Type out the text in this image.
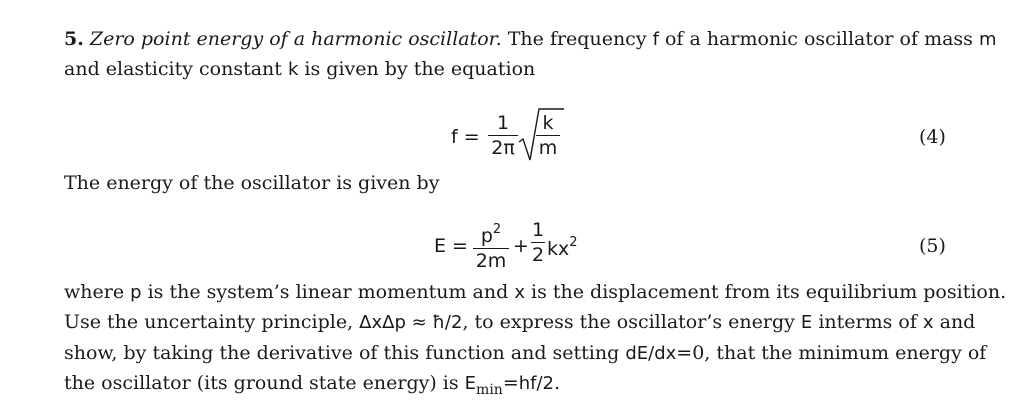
5. Zero point energy of a harmonic oscillator. The frequency f of a harmonic oscillator of mass m
and elasticity constant k is given by the equation
The energy of the oscillator is given by
where p is the system’s linear momentum and x is the displacement from its equilibrium position.
Use the uncertainty principle, ΔxΔp ≈ ħ/2, to express the oscillator’s energy E interms of x and
show, by taking the derivative of this function and setting dE/dx=0, that the minimum energy of
the oscillator (its ground state energy) is $E_{min}=hf/2$.
f =
1
2π
k
m	(4)
$E = p^2$
2m
+
1
2 $kx^2$	(5)
